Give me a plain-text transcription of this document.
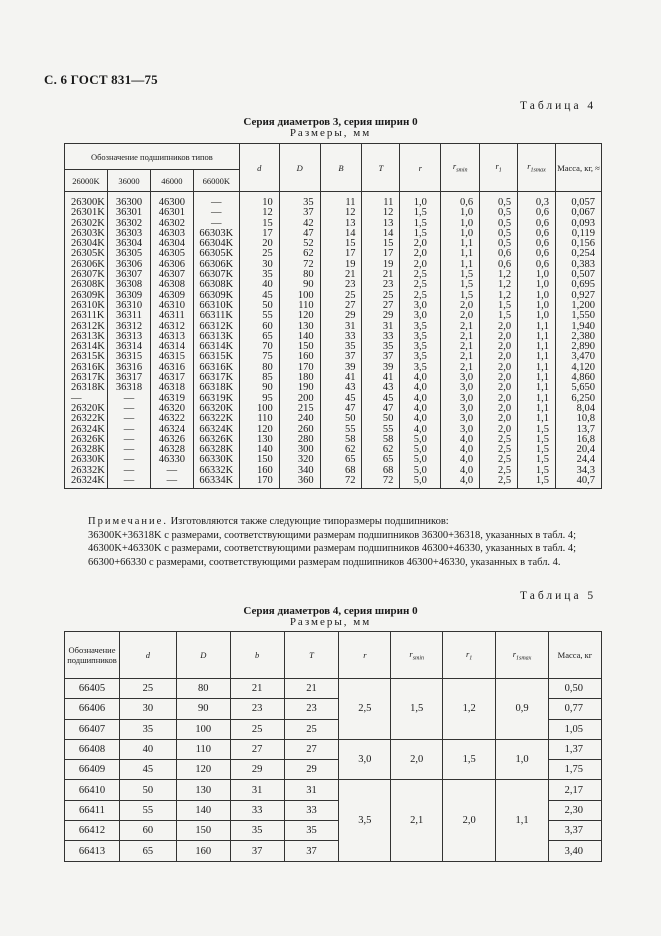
С. 6 ГОСТ 831—75
Таблица 4
Серия диаметров 3, серия ширин 0
Размеры, мм
Обозначение подшипников типов				d	D	B	T	r	$r_{smin}$	$r_1$	$r_{1smax}$	Масса, кг, ≈
26000K	36000	46000	66000K									
26300K	36300	46300	—	10	35	11	11	1,0	0,6	0,5	0,3	0,057
26301K	36301	46301	—	12	37	12	12	1,5	1,0	0,5	0,6	0,067
26302K	36302	46302	—	15	42	13	13	1,5	1,0	0,5	0,6	0,093
26303K	36303	46303	66303K	17	47	14	14	1,5	1,0	0,5	0,6	0,119
26304K	36304	46304	66304K	20	52	15	15	2,0	1,1	0,5	0,6	0,156
26305K	36305	46305	66305K	25	62	17	17	2,0	1,1	0,6	0,6	0,254
26306K	36306	46306	66306K	30	72	19	19	2,0	1,1	0,6	0,6	0,383
26307K	36307	46307	66307K	35	80	21	21	2,5	1,5	1,2	1,0	0,507
26308K	36308	46308	66308K	40	90	23	23	2,5	1,5	1,2	1,0	0,695
26309K	36309	46309	66309K	45	100	25	25	2,5	1,5	1,2	1,0	0,927
26310K	36310	46310	66310K	50	110	27	27	3,0	2,0	1,5	1,0	1,200
26311K	36311	46311	66311K	55	120	29	29	3,0	2,0	1,5	1,0	1,550
26312K	36312	46312	66312K	60	130	31	31	3,5	2,1	2,0	1,1	1,940
26313K	36313	46313	66313K	65	140	33	33	3,5	2,1	2,0	1,1	2,380
26314K	36314	46314	66314K	70	150	35	35	3,5	2,1	2,0	1,1	2,890
26315K	36315	46315	66315K	75	160	37	37	3,5	2,1	2,0	1,1	3,470
26316K	36316	46316	66316K	80	170	39	39	3,5	2,1	2,0	1,1	4,120
26317K	36317	46317	66317K	85	180	41	41	4,0	3,0	2,0	1,1	4,860
26318K	36318	46318	66318K	90	190	43	43	4,0	3,0	2,0	1,1	5,650
—	—	46319	66319K	95	200	45	45	4,0	3,0	2,0	1,1	6,250
26320K	—	46320	66320K	100	215	47	47	4,0	3,0	2,0	1,1	8,04
26322K	—	46322	66322K	110	240	50	50	4,0	3,0	2,0	1,1	10,8
26324K	—	46324	66324K	120	260	55	55	4,0	3,0	2,0	1,5	13,7
26326K	—	46326	66326K	130	280	58	58	5,0	4,0	2,5	1,5	16,8
26328K	—	46328	66328K	140	300	62	62	5,0	4,0	2,5	1,5	20,4
26330K	—	46330	66330K	150	320	65	65	5,0	4,0	2,5	1,5	24,4
26332K	—	—	66332K	160	340	68	68	5,0	4,0	2,5	1,5	34,3
26324K	—	—	66334K	170	360	72	72	5,0	4,0	2,5	1,5	40,7
Примечание. Изготовляются также следующие типоразмеры подшипников:
36300K+36318K с размерами, соответствующими размерам подшипников 36300+36318, указанных в табл. 4;
46300K+46330K с размерами, соответствующими размерам подшипников 46300+46330, указанных в табл. 4;
66300+66330 с размерами, соответствующими размерам подшипников 46300+46330, указанных в табл. 4.
Таблица 5
Серия диаметров 4, серия ширин 0
Размеры, мм
Обозначение подшипников	d	D	b	T	r	$r_{smin}$	$r_1$	$r_{1smax}$	Масса, кг
66405	25	80	21	21	2,5	1,5	1,2	0,9	0,50
66406	30	90	23	23					0,77
66407	35	100	25	25					1,05
66408	40	110	27	27	3,0	2,0	1,5	1,0	1,37
66409	45	120	29	29					1,75
66410	50	130	31	31	3,5	2,1	2,0	1,1	2,17
66411	55	140	33	33					2,30
66412	60	150	35	35					3,37
66413	65	160	37	37					3,40
